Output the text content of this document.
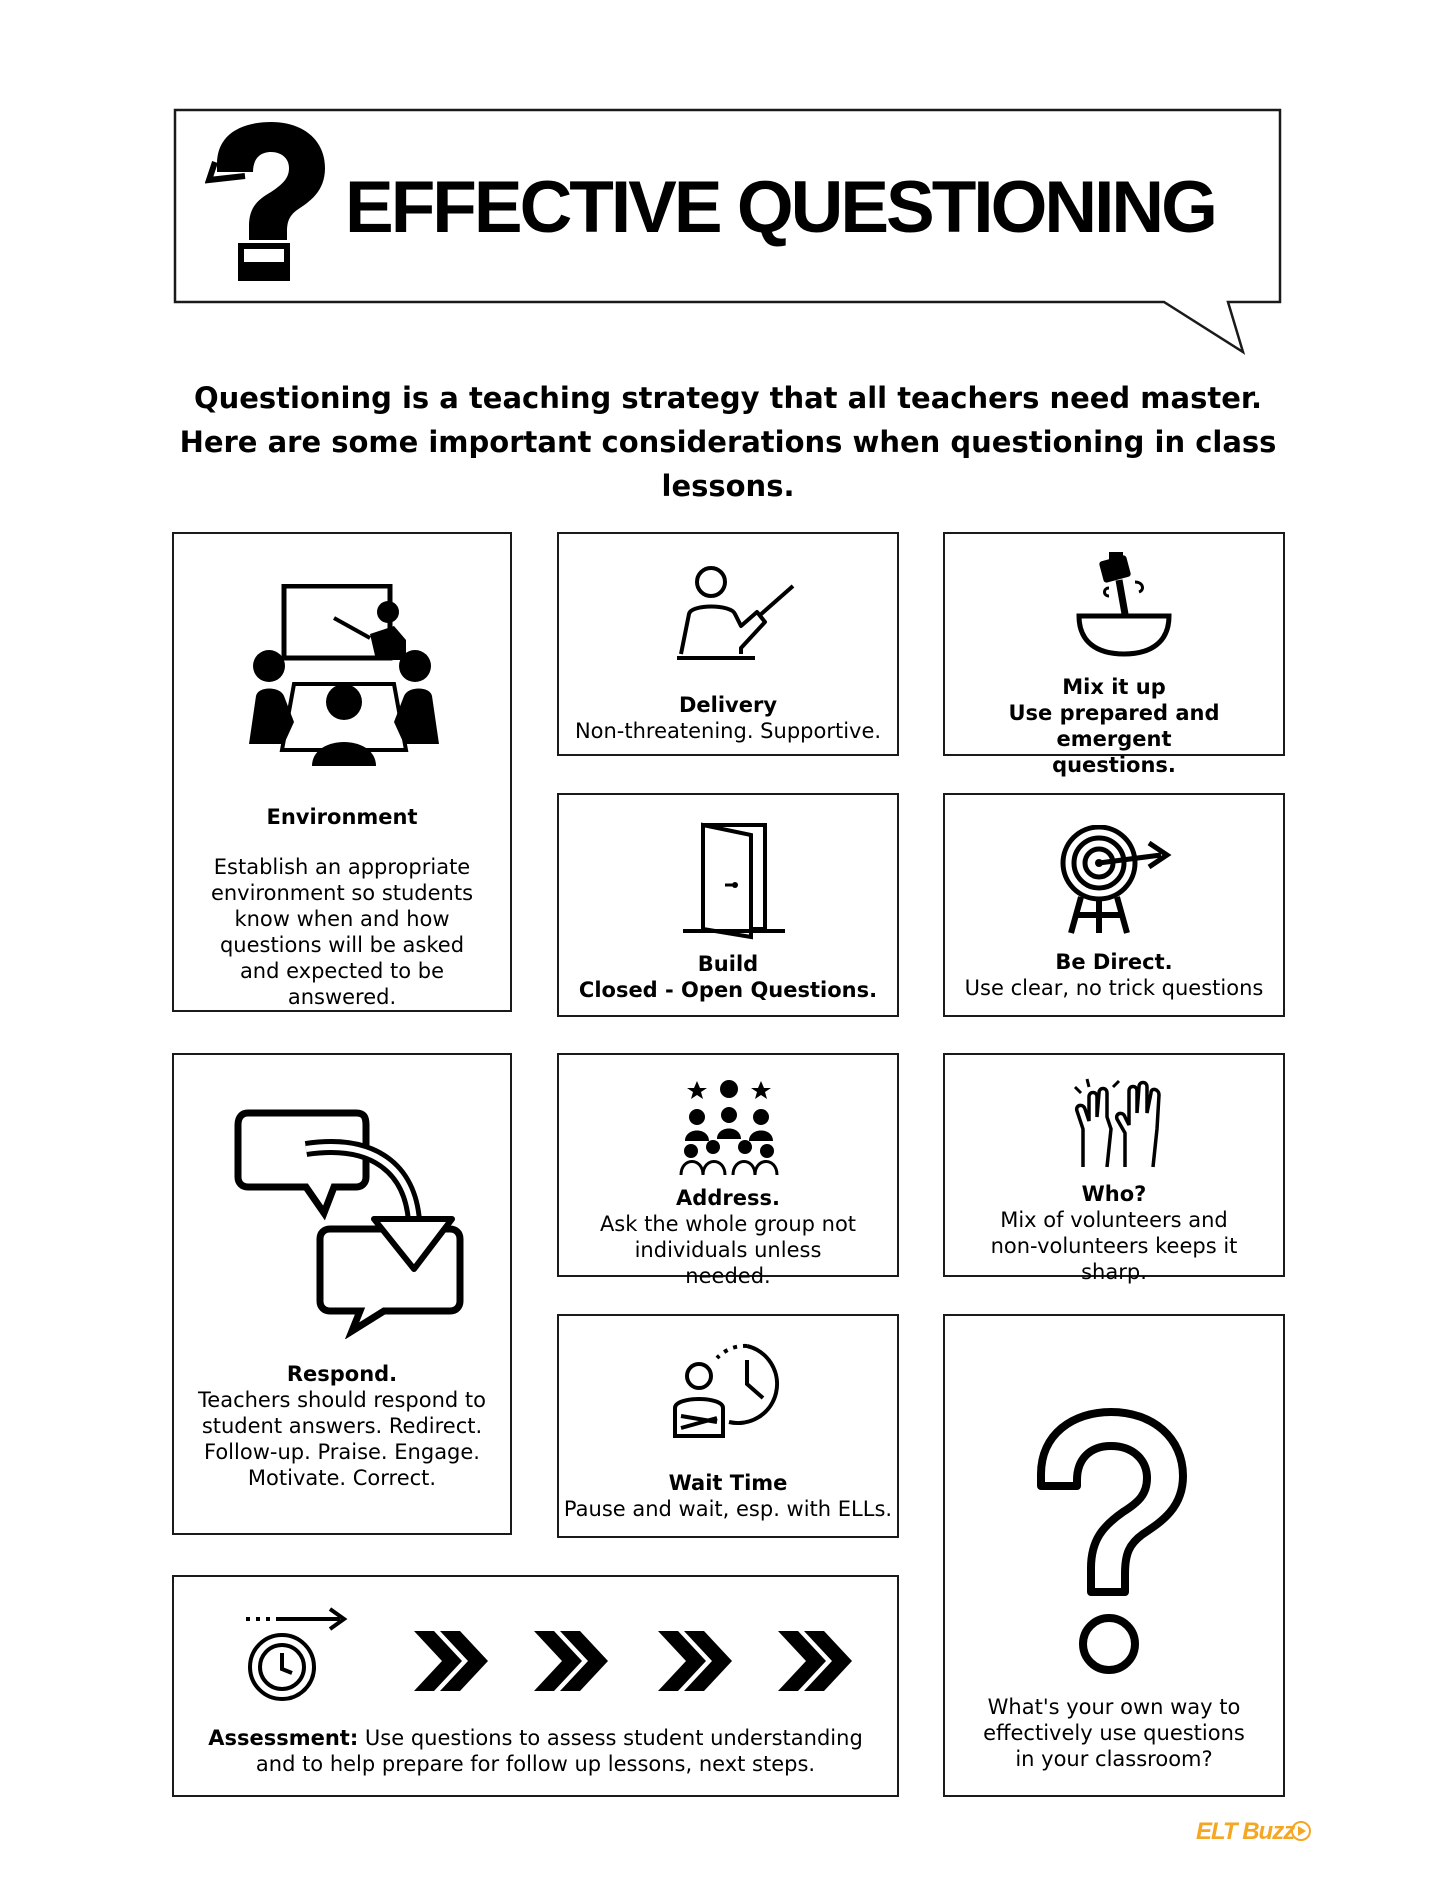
EFFECTIVE QUESTIONING
Questioning is a teaching strategy that all teachers need master. Here are some important considerations when questioning in class lessons.
Environment
Establish an appropriate environment so students know when and how questions will be asked and expected to be answered.
Delivery
Non-threatening. Supportive.
Mix it up
Use prepared and emergent questions.
Build
Closed - Open Questions.
Be Direct.
Use clear, no trick questions
Respond.
Teachers should respond to student answers. Redirect. Follow-up. Praise. Engage. Motivate. Correct.
Address.
Ask the whole group not individuals unless needed.
Who?
Mix of volunteers and non-volunteers keeps it sharp.
Wait Time
Pause and wait, esp. with ELLs.
Assessment: Use questions to assess student understanding and to help prepare for follow up lessons, next steps.
What's your own way to effectively use questions in your classroom?
ELT Buzz
